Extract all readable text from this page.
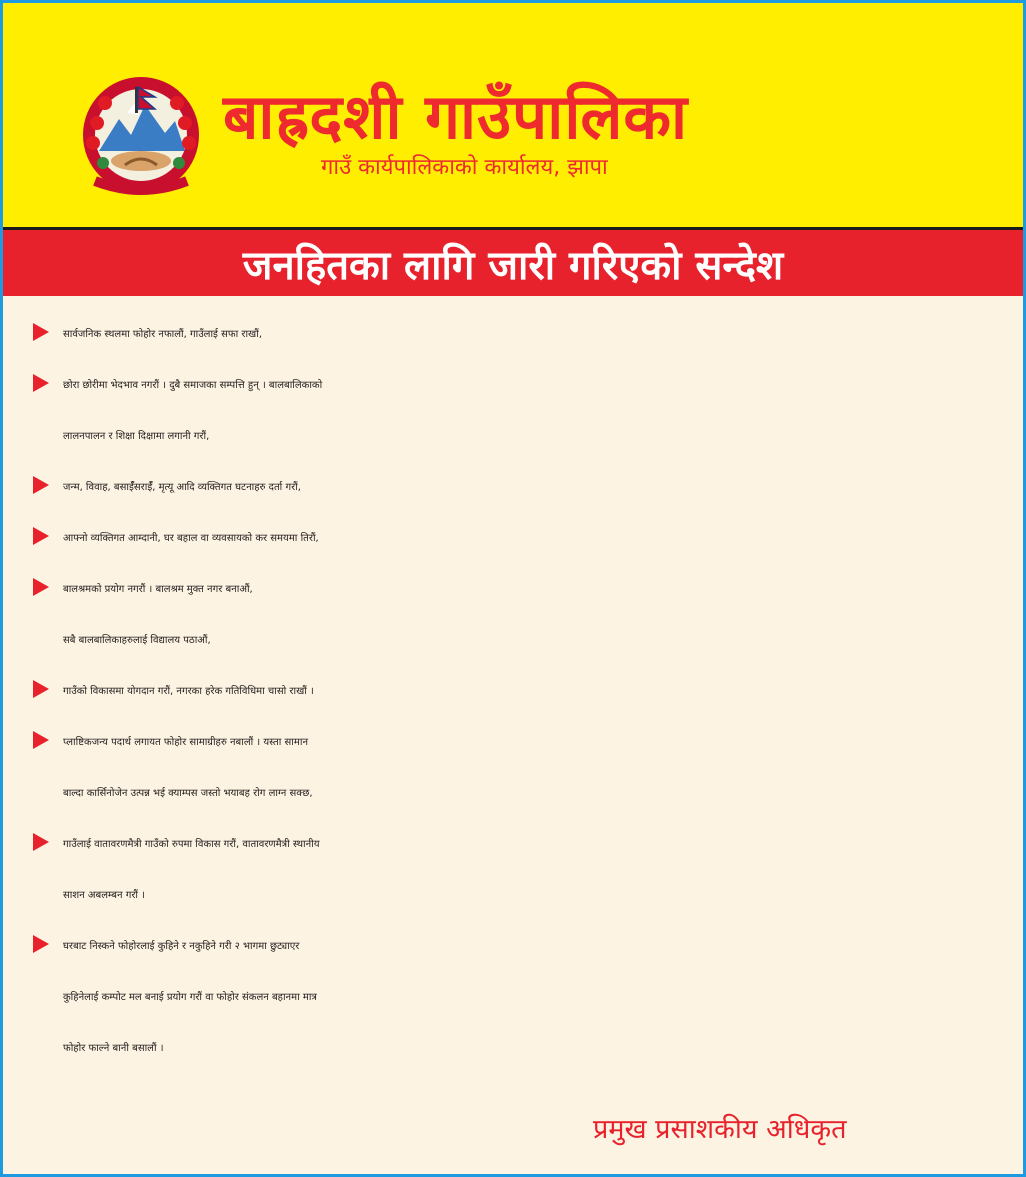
बाह्रदशी गाउँपालिका
गाउँ कार्यपालिकाको कार्यालय, झापा
जनहितका लागि जारी गरिएको सन्देश
सार्वजनिक स्थलमा फोहोर नफालौं, गाउँलाई सफा राखौं,
छोरा छोरीमा भेदभाव नगरौं । दुबै समाजका सम्पत्ति हुन् । बालबालिकाको
लालनपालन र शिक्षा दिक्षामा लगानी गरौं,
जन्म, विवाह, बसाईँसराईँ, मृत्यू आदि व्यक्तिगत घटनाहरु दर्ता गरौं,
आफ्नो व्यक्तिगत आम्दानी, घर बहाल वा व्यवसायको कर समयमा तिरौं,
बालश्रमको प्रयोग नगरौं । बालश्रम मुक्त नगर बनाऔं,
सबै बालबालिकाहरुलाई विद्यालय पठाऔं,
गाउँको विकासमा योगदान गरौं, नगरका हरेक गतिविधिमा चासो राखौं ।
प्लाष्टिकजन्य पदार्थ लगायत फोहोर सामाग्रीहरु नबालौं । यस्ता सामान
बाल्दा कार्सिनोजेन उत्पन्न भई क्याम्पस जस्तो भयाबह रोग लाग्न सक्छ,
गाउँलाई वातावरणमैत्री गाउँको रुपमा विकास गरौं, वातावरणमैत्री स्थानीय
साशन अबलम्बन गरौं ।
घरबाट निस्कने फोहोरलाई कुहिने र नकुहिने गरी २ भागमा छुट्याएर
कुहिनेलाई कम्पोट मल बनाई प्रयोग गरौं वा फोहोर संकलन बहानमा मात्र
फोहोर फाल्ने बानी बसालौं ।
प्रमुख प्रसाशकीय अधिकृत
